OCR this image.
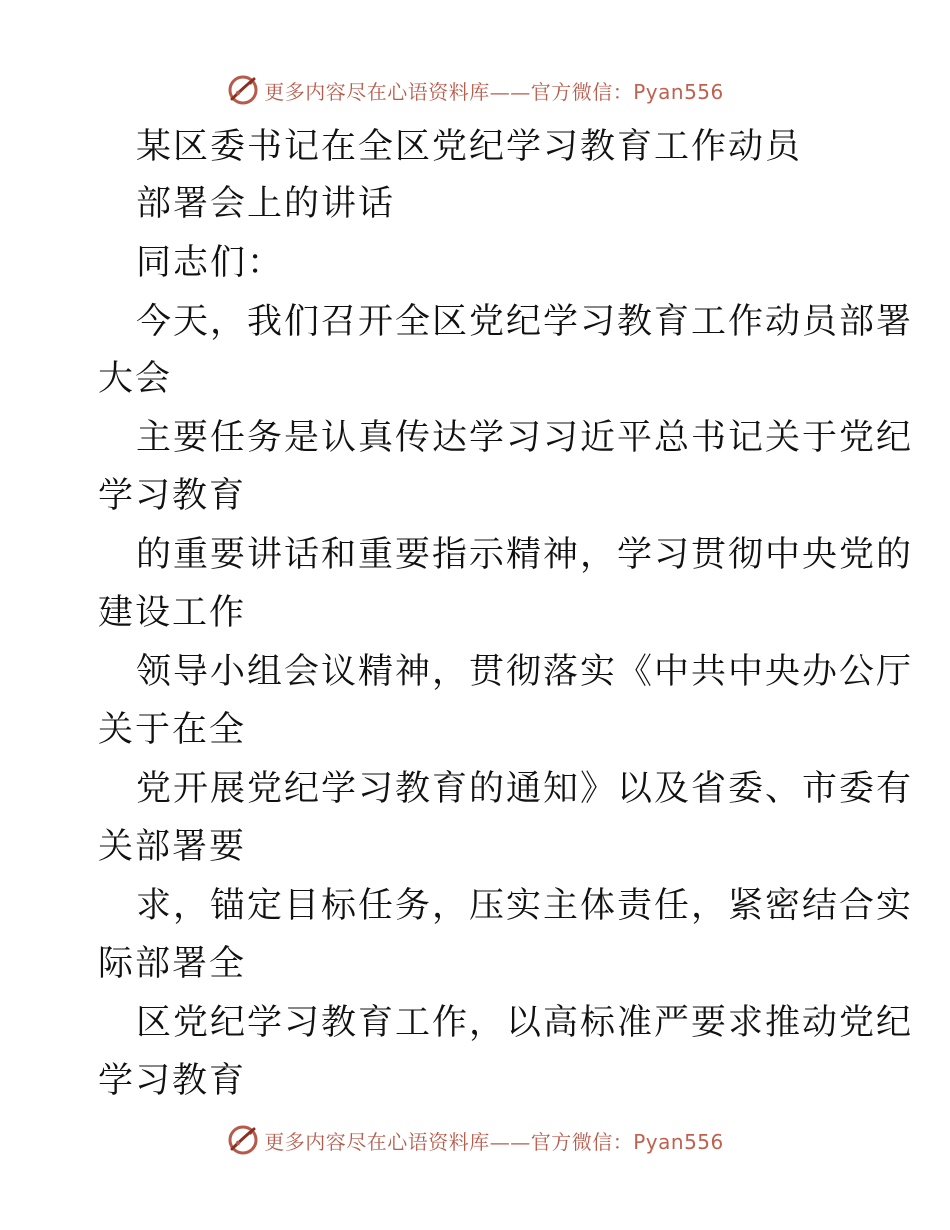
更多内容尽在心语资料库——官方微信：Pyan556
某区委书记在全区党纪学习教育工作动员
部署会上的讲话
同志们：
今天，我们召开全区党纪学习教育工作动员部署
大会
主要任务是认真传达学习习近平总书记关于党纪
学习教育
的重要讲话和重要指示精神，学习贯彻中央党的
建设工作
领导小组会议精神，贯彻落实《中共中央办公厅
关于在全
党开展党纪学习教育的通知》以及省委、市委有
关部署要
求，锚定目标任务，压实主体责任，紧密结合实
际部署全
区党纪学习教育工作，以高标准严要求推动党纪
学习教育
更多内容尽在心语资料库——官方微信：Pyan556
